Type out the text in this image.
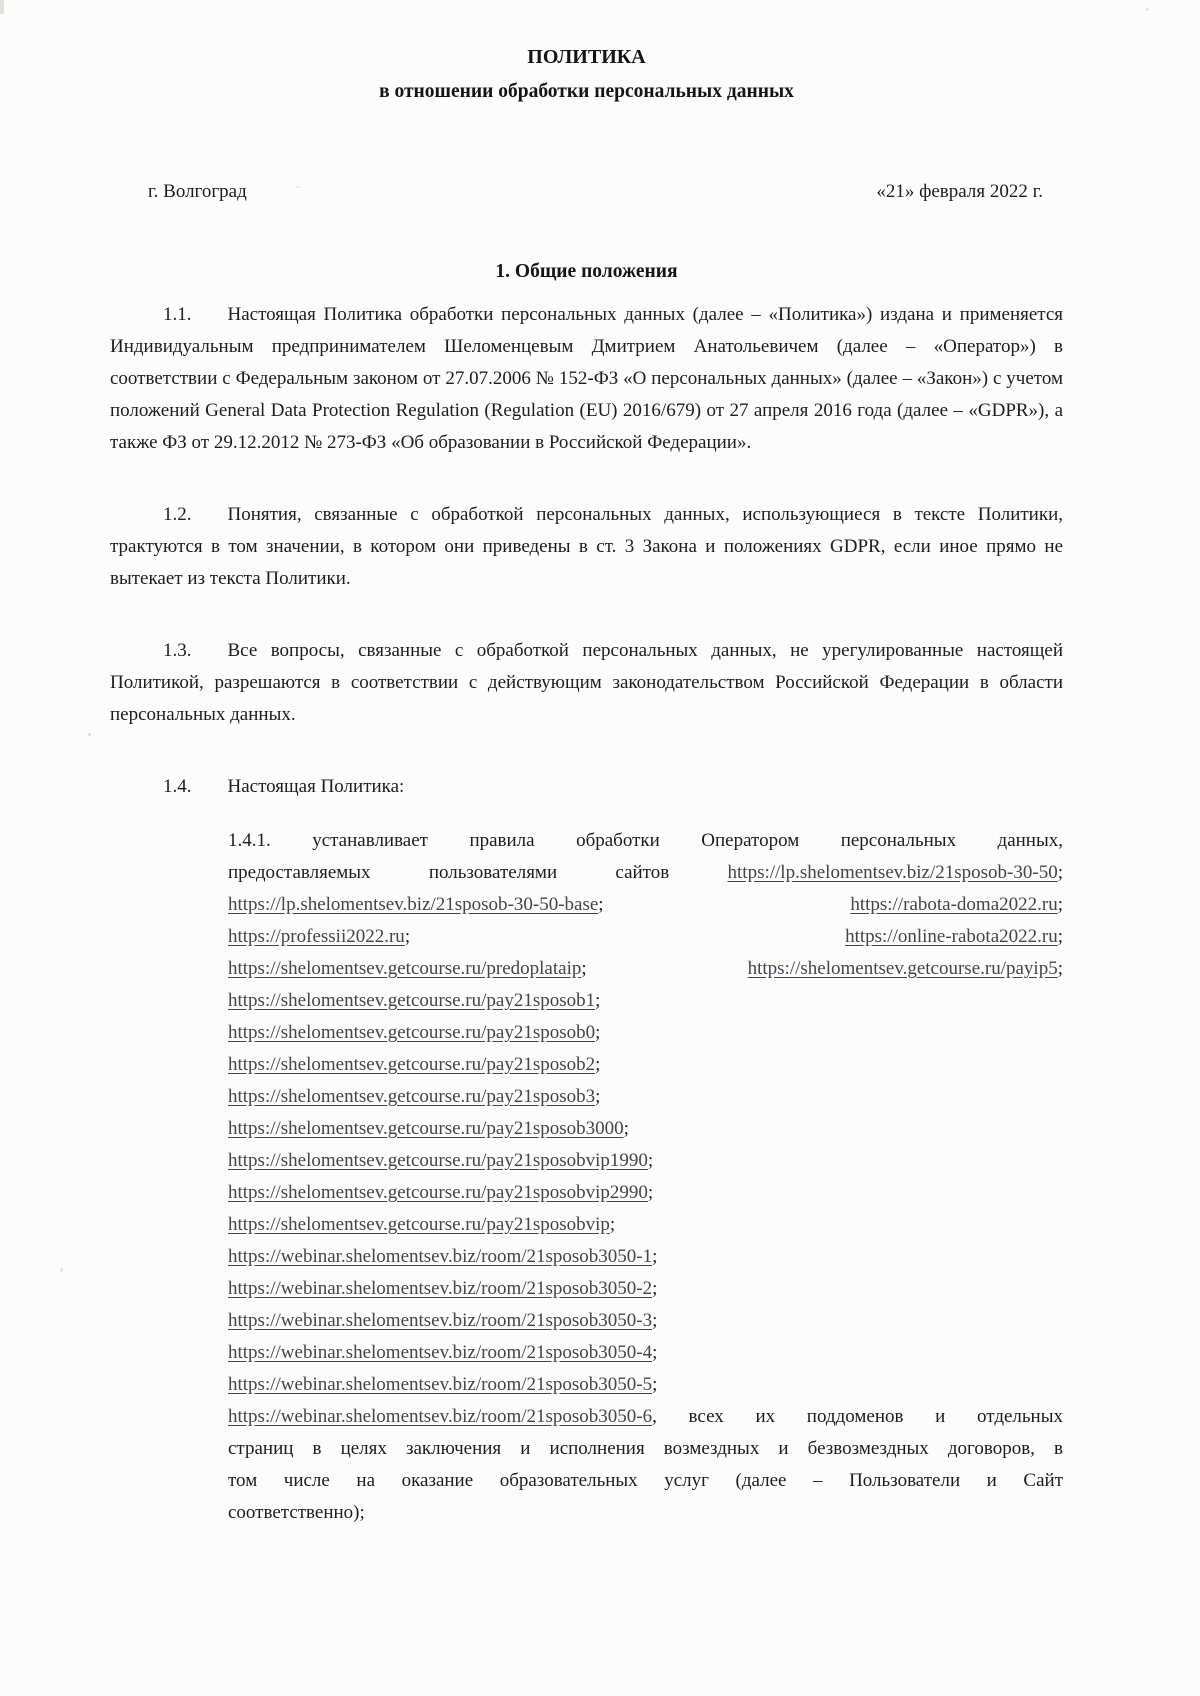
ПОЛИТИКА
в отношении обработки персональных данных
г. Волгоград	«21» февраля 2022 г.
1. Общие положения

1.1. Настоящая Политика обработки персональных данных (далее – «Политика») издана и применяется Индивидуальным предпринимателем Шеломенцевым Дмитрием Анатольевичем (далее – «Оператор») в соответствии с Федеральным законом от 27.07.2006 № 152-ФЗ «О персональных данных» (далее – «Закон») с учетом положений General Data Protection Regulation (Regulation (EU) 2016/679) от 27 апреля 2016 года (далее – «GDPR»), а также ФЗ от 29.12.2012 № 273-ФЗ «Об образовании в Российской Федерации».

1.2. Понятия, связанные с обработкой персональных данных, использующиеся в тексте Политики, трактуются в том значении, в котором они приведены в ст. 3 Закона и положениях GDPR, если иное прямо не вытекает из текста Политики.

1.3. Все вопросы, связанные с обработкой персональных данных, не урегулированные настоящей Политикой, разрешаются в соответствии с действующим законодательством Российской Федерации в области персональных данных.

1.4. Настоящая Политика:

1.4.1. устанавливает правила обработки Оператором персональных данных,
предоставляемых пользователями сайтов https://lp.shelomentsev.biz/21sposob-30-50;
https://lp.shelomentsev.biz/21sposob-30-50-base; https://rabota-doma2022.ru;
https://professii2022.ru; https://online-rabota2022.ru;
https://shelomentsev.getcourse.ru/predoplataip; https://shelomentsev.getcourse.ru/payip5;
https://shelomentsev.getcourse.ru/pay21sposob1;
https://shelomentsev.getcourse.ru/pay21sposob0;
https://shelomentsev.getcourse.ru/pay21sposob2;
https://shelomentsev.getcourse.ru/pay21sposob3;
https://shelomentsev.getcourse.ru/pay21sposob3000;
https://shelomentsev.getcourse.ru/pay21sposobvip1990;
https://shelomentsev.getcourse.ru/pay21sposobvip2990;
https://shelomentsev.getcourse.ru/pay21sposobvip;
https://webinar.shelomentsev.biz/room/21sposob3050-1;
https://webinar.shelomentsev.biz/room/21sposob3050-2;
https://webinar.shelomentsev.biz/room/21sposob3050-3;
https://webinar.shelomentsev.biz/room/21sposob3050-4;
https://webinar.shelomentsev.biz/room/21sposob3050-5;
https://webinar.shelomentsev.biz/room/21sposob3050-6, всех их поддоменов и отдельных
страниц в целях заключения и исполнения возмездных и безвозмездных договоров, в
том числе на оказание образовательных услуг (далее – Пользователи и Сайт
соответственно);
